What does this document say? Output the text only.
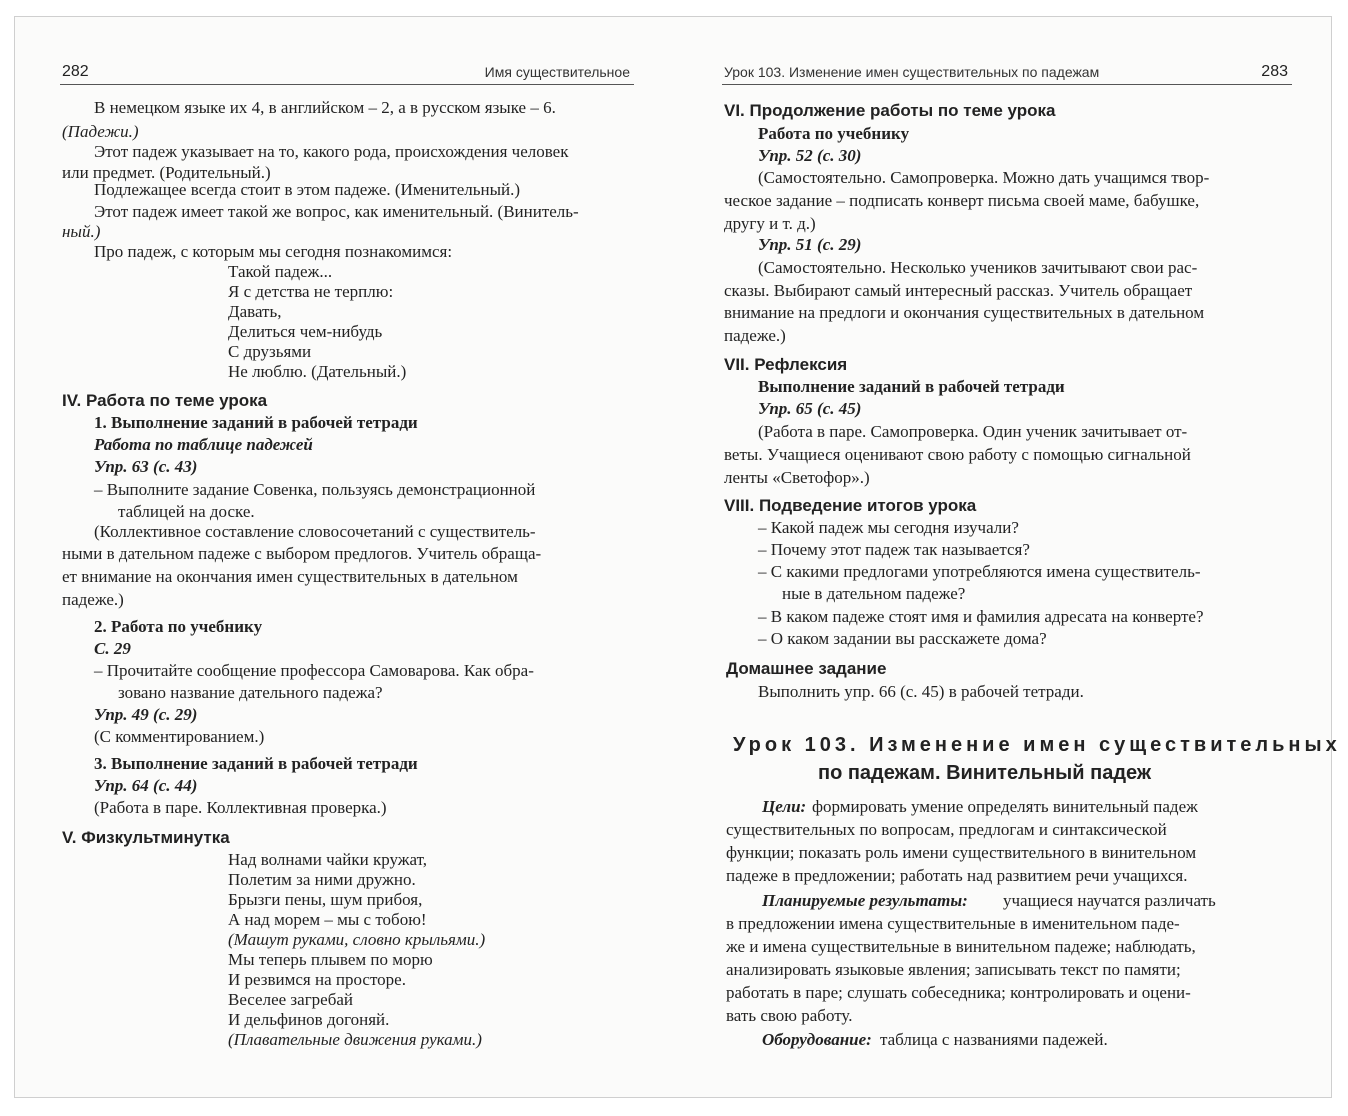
282	Имя существительное	Урок 103. Изменение имен существительных по падежам	283
В немецком языке их 4, в английском – 2, а в русском языке – 6.
(Падежи.)
Этот падеж указывает на то, какого рода, происхождения человек
или предмет. (Родительный.)
Подлежащее всегда стоит в этом падеже. (Именительный.)
Этот падеж имеет такой же вопрос, как именительный. (Винитель-
ный.)
Про падеж, с которым мы сегодня познакомимся:
Такой падеж...
Я с детства не терплю:
Давать,
Делиться чем-нибудь
С друзьями
Не люблю. (Дательный.)
IV. Работа по теме урока
1. Выполнение заданий в рабочей тетради
Работа по таблице падежей
Упр. 63 (с. 43)
– Выполните задание Совенка, пользуясь демонстрационной
таблицей на доске.
(Коллективное составление словосочетаний с существитель-
ными в дательном падеже с выбором предлогов. Учитель обраща-
ет внимание на окончания имен существительных в дательном
падеже.)
2. Работа по учебнику
С. 29
– Прочитайте сообщение профессора Самоварова. Как обра-
зовано название дательного падежа?
Упр. 49 (с. 29)
(С комментированием.)
3. Выполнение заданий в рабочей тетради
Упр. 64 (с. 44)
(Работа в паре. Коллективная проверка.)
V. Физкультминутка
Над волнами чайки кружат,
Полетим за ними дружно.
Брызги пены, шум прибоя,
А над морем – мы с тобою!
(Машут руками, словно крыльями.)
Мы теперь плывем по морю
И резвимся на просторе.
Веселее загребай
И дельфинов догоняй.
(Плавательные движения руками.)
VI. Продолжение работы по теме урока
Работа по учебнику
Упр. 52 (с. 30)
(Самостоятельно. Самопроверка. Можно дать учащимся твор-
ческое задание – подписать конверт письма своей маме, бабушке,
другу и т. д.)
Упр. 51 (с. 29)
(Самостоятельно. Несколько учеников зачитывают свои рас-
сказы. Выбирают самый интересный рассказ. Учитель обращает
внимание на предлоги и окончания существительных в дательном
падеже.)
VII. Рефлексия
Выполнение заданий в рабочей тетради
Упр. 65 (с. 45)
(Работа в паре. Самопроверка. Один ученик зачитывает от-
веты. Учащиеся оценивают свою работу с помощью сигнальной
ленты «Светофор».)
VIII. Подведение итогов урока
– Какой падеж мы сегодня изучали?
– Почему этот падеж так называется?
– С какими предлогами употребляются имена существитель-
ные в дательном падеже?
– В каком падеже стоят имя и фамилия адресата на конверте?
– О каком задании вы расскажете дома?
Домашнее задание
Выполнить упр. 66 (с. 45) в рабочей тетради.
Урок 103. Изменение имен существительных
по падежам. Винительный падеж
Цели: формировать умение определять винительный падеж
существительных по вопросам, предлогам и синтаксической
функции; показать роль имени существительного в винительном
падеже в предложении; работать над развитием речи учащихся.
Планируемые результаты: учащиеся научатся различать
в предложении имена существительные в именительном паде-
же и имена существительные в винительном падеже; наблюдать,
анализировать языковые явления; записывать текст по памяти;
работать в паре; слушать собеседника; контролировать и оцени-
вать свою работу.
Оборудование: таблица с названиями падежей.
